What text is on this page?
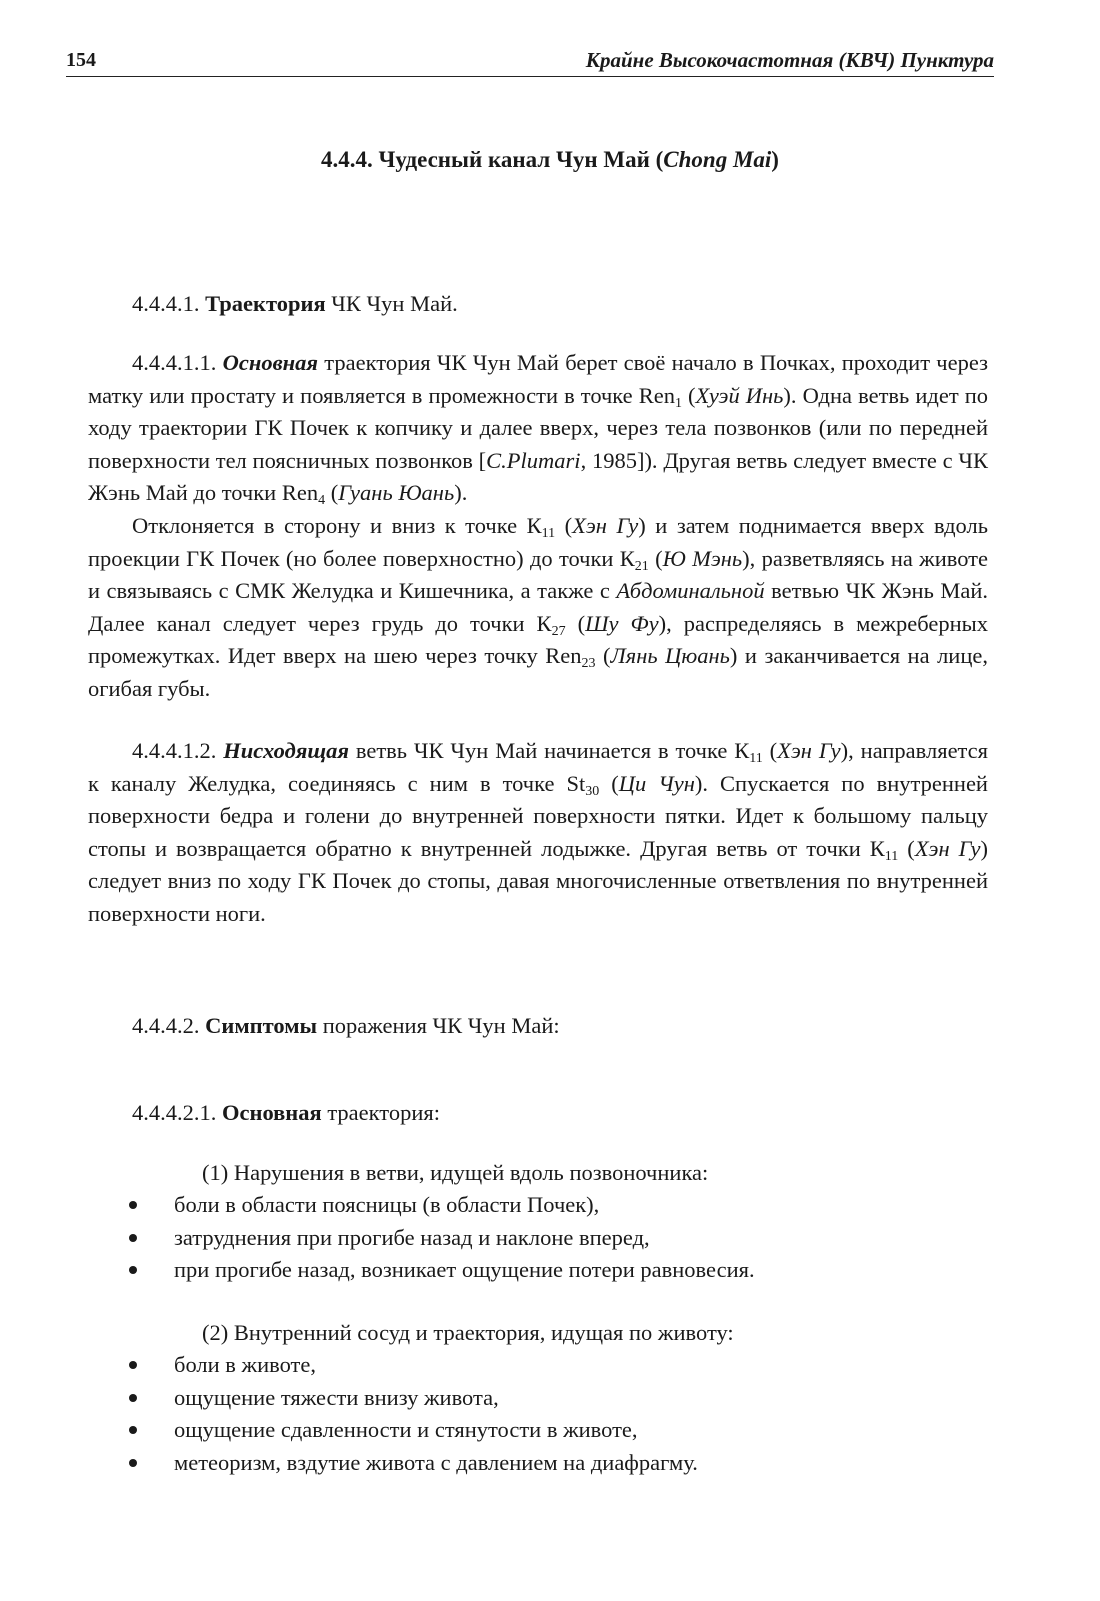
154	Крайне Высокочастотная (КВЧ) Пунктура
4.4.4. Чудесный канал Чун Май (Chong Mai)
4.4.4.1. Траектория ЧК Чун Май.

4.4.4.1.1. Основная траектория ЧК Чун Май берет своё начало в Почках, проходит через матку или простату и появляется в промежности в точке Ren$_1$ (Хуэй Инь). Одна ветвь идет по ходу траектории ГК Почек к копчику и далее вверх, через тела позвонков (или по передней поверхности тел поясничных позвонков [C.Plumari, 1985]). Другая ветвь следует вместе с ЧК Жэнь Май до точки Ren$_4$ (Гуань Юань).

Отклоняется в сторону и вниз к точке $К_{11}$ (Хэн Гу) и затем поднимается вверх вдоль проекции ГК Почек (но более поверхностно) до точки $К_{21}$ (Ю Мэнь), разветвляясь на животе и связываясь с СМК Желудка и Кишечника, а также с Абдоминальной ветвью ЧК Жэнь Май. Далее канал следует через грудь до точки $К_{27}$ (Шу Фу), распределяясь в межреберных промежутках. Идет вверх на шею через точку Ren$_{23}$ (Лянь Цюань) и заканчивается на лице, огибая губы.

4.4.4.1.2. Нисходящая ветвь ЧК Чун Май начинается в точке $К_{11}$ (Хэн Гу), направляется к каналу Желудка, соединяясь с ним в точке $St_{30}$ (Ци Чун). Спускается по внутренней поверхности бедра и голени до внутренней поверхности пятки. Идет к большому пальцу стопы и возвращается обратно к внутренней лодыжке. Другая ветвь от точки $К_{11}$ (Хэн Гу) следует вниз по ходу ГК Почек до стопы, давая многочисленные ответвления по внутренней поверхности ноги.

4.4.4.2. Симптомы поражения ЧК Чун Май:
4.4.4.2.1. Основная траектория:
(1) Нарушения в ветви, идущей вдоль позвоночника:
боли в области поясницы (в области Почек),
затруднения при прогибе назад и наклоне вперед,
при прогибе назад, возникает ощущение потери равновесия.
(2) Внутренний сосуд и траектория, идущая по животу:
боли в животе,
ощущение тяжести внизу живота,
ощущение сдавленности и стянутости в животе,
метеоризм, вздутие живота с давлением на диафрагму.
